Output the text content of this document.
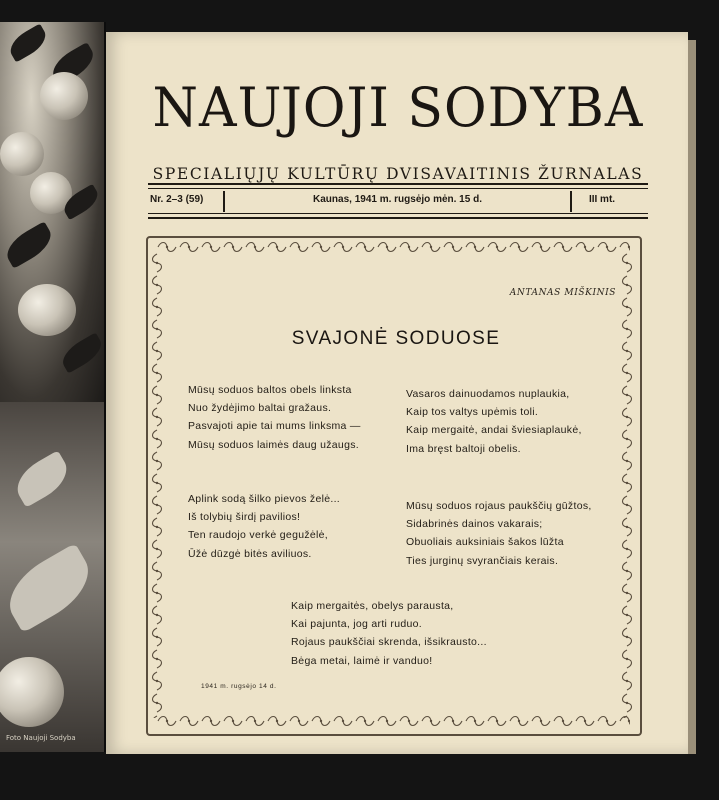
Foto Naujoji Sodyba
NAUJOJI SODYBA
SPECIALIŲJŲ KULTŪRŲ DVISAVAITINIS ŽURNALAS
Nr. 2–3 (59)	Kaunas, 1941 m. rugsėjo mėn. 15 d.	III mt.
ANTANAS MIŠKINIS
SVAJONĖ SODUOSE
Mūsų soduos baltos obels linksta
Nuo žydėjimo baltai gražaus.
Pasvajoti apie tai mums linksma —
Mūsų soduos laimės daug užaugs.
Vasaros dainuodamos nuplaukia,
Kaip tos valtys upėmis toli.
Kaip mergaitė, andai šviesiaplaukė,
Ima bręst baltoji obelis.
Aplink sodą šilko pievos želė...
Iš tolybių širdį pavilios!
Ten raudojo verkė gegužėlė,
Ūžė dūzgė bitės aviliuos.
Mūsų soduos rojaus paukščių gūžtos,
Sidabrinės dainos vakarais;
Obuoliais auksiniais šakos lūžta
Ties jurginų svyrančiais kerais.
Kaip mergaitės, obelys parausta,
Kai pajunta, jog arti ruduo.
Rojaus paukščiai skrenda, išsikrausto...
Bėga metai, laimė ir vanduo!
1941 m. rugsėjo 14 d.
